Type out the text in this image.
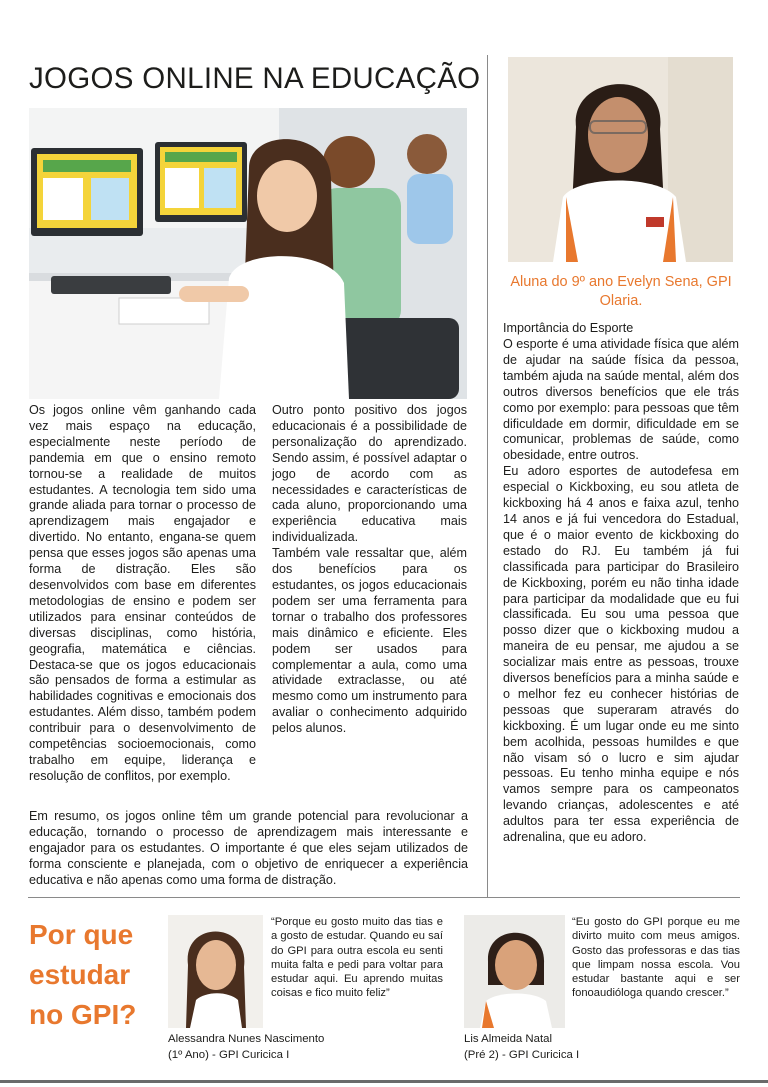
JOGOS ONLINE NA EDUCAÇÃO

Os jogos online vêm ganhando cada vez mais espaço na educação, especialmente neste período de pandemia em que o ensino remoto tornou-se a realidade de muitos estudantes. A tecnologia tem sido uma grande aliada para tornar o processo de aprendizagem mais engajador e divertido. No entanto, engana-se quem pensa que esses jogos são apenas uma forma de distração. Eles são desenvolvidos com base em diferentes metodologias de ensino e podem ser utilizados para ensinar conteúdos de diversas disciplinas, como história, geografia, matemática e ciências. Destaca-se que os jogos educacionais são pensados de forma a estimular as habilidades cognitivas e emocionais dos estudantes. Além disso, também podem contribuir para o desenvolvimento de competências socioemocionais, como trabalho em equipe, liderança e resolução de conflitos, por exemplo.

Outro ponto positivo dos jogos educacionais é a possibilidade de personalização do aprendizado. Sendo assim, é possível adaptar o jogo de acordo com as necessidades e características de cada aluno, proporcionando uma experiência educativa mais individualizada.

Também vale ressaltar que, além dos benefícios para os estudantes, os jogos educacionais podem ser uma ferramenta para tornar o trabalho dos professores mais dinâmico e eficiente. Eles podem ser usados para complementar a aula, como uma atividade extraclasse, ou até mesmo como um instrumento para avaliar o conhecimento adquirido pelos alunos.

Em resumo, os jogos online têm um grande potencial para revolucionar a educação, tornando o processo de aprendizagem mais interessante e engajador para os estudantes. O importante é que eles sejam utilizados de forma consciente e planejada, com o objetivo de enriquecer a experiência educativa e não apenas como uma forma de distração.

Aluna do 9º ano Evelyn Sena, GPI Olaria.
Importância do Esporte

O esporte é uma atividade física que além de ajudar na saúde física da pessoa, também ajuda na saúde mental, além dos outros diversos benefícios que ele trás como por exemplo: para pessoas que têm dificuldade em dormir, dificuldade em se comunicar, problemas de saúde, como obesidade, entre outros.

Eu adoro esportes de autodefesa em especial o Kickboxing, eu sou atleta de kickboxing há 4 anos e faixa azul, tenho 14 anos e já fui vencedora do Estadual, que é o maior evento de kickboxing do estado do RJ. Eu também já fui classificada para participar do Brasileiro de Kickboxing, porém eu não tinha idade para participar da modalidade que eu fui classificada. Eu sou uma pessoa que posso dizer que o kickboxing mudou a maneira de eu pensar, me ajudou a se socializar mais entre as pessoas, trouxe diversos benefícios para a minha saúde e o melhor fez eu conhecer histórias de pessoas que superaram através do kickboxing. É um lugar onde eu me sinto bem acolhida, pessoas humildes e que não visam só o lucro e sim ajudar pessoas. Eu tenho minha equipe e nós vamos sempre para os campeonatos levando crianças, adolescentes e até adultos para ter essa experiência de adrenalina, que eu adoro.

Por que estudar no GPI?
“Porque eu gosto muito das tias e a gosto de estudar. Quando eu saí do GPI para outra escola eu senti muita falta e pedi para voltar para estudar aqui. Eu aprendo muitas coisas e fico muito feliz”
Alessandra Nunes Nascimento
(1º Ano) - GPI Curicica I
“Eu gosto do GPI porque eu me divirto muito com meus amigos. Gosto das professoras e das tias que limpam nossa escola. Vou estudar bastante aqui e ser fonoaudióloga quando crescer.”
Lis Almeida Natal
(Pré 2) - GPI Curicica I
